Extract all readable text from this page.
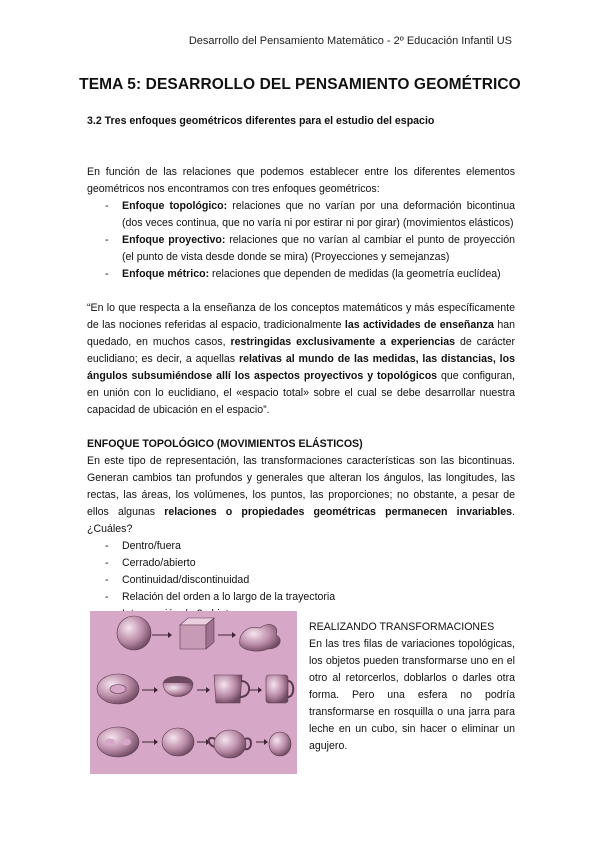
Desarrollo del Pensamiento Matemático - 2º Educación Infantil US
TEMA 5: DESARROLLO DEL PENSAMIENTO GEOMÉTRICO

3.2 Tres enfoques geométricos diferentes para el estudio del espacio

En función de las relaciones que podemos establecer entre los diferentes elementos geométricos nos encontramos con tres enfoques geométricos:

- Enfoque topológico: relaciones que no varían por una deformación bicontinua (dos veces continua, que no varía ni por estirar ni por girar) (movimientos elásticos)
- Enfoque proyectivo: relaciones que no varían al cambiar el punto de proyección (el punto de vista desde donde se mira) (Proyecciones y semejanzas)
- Enfoque métrico: relaciones que dependen de medidas (la geometría euclídea)

“En lo que respecta a la enseñanza de los conceptos matemáticos y más específicamente de las nociones referidas al espacio, tradicionalmente las actividades de enseñanza han quedado, en muchos casos, restringidas exclusivamente a experiencias de carácter euclidiano; es decir, a aquellas relativas al mundo de las medidas, las distancias, los ángulos subsumiéndose allí los aspectos proyectivos y topológicos que configuran, en unión con lo euclidiano, el «espacio total» sobre el cual se debe desarrollar nuestra capacidad de ubicación en el espacio”.

ENFOQUE TOPOLÓGICO (MOVIMIENTOS ELÁSTICOS)

En este tipo de representación, las transformaciones características son las bicontinuas. Generan cambios tan profundos y generales que alteran los ángulos, las longitudes, las rectas, las áreas, los volúmenes, los puntos, las proporciones; no obstante, a pesar de ellos algunas relaciones o propiedades geométricas permanecen invariables. ¿Cuáles?

- Dentro/fuera
- Cerrado/abierto
- Continuidad/discontinuidad
- Relación del orden a lo largo de la trayectoria
-

REALIZANDO TRANSFORMACIONES

En las tres filas de variaciones topológicas, los objetos pueden transformarse uno en el otro al retorcerlos, doblarlos o darles otra forma. Pero una esfera no podría transformarse en rosquilla o una jarra para leche en un cubo, sin hacer o eliminar un agujero.
